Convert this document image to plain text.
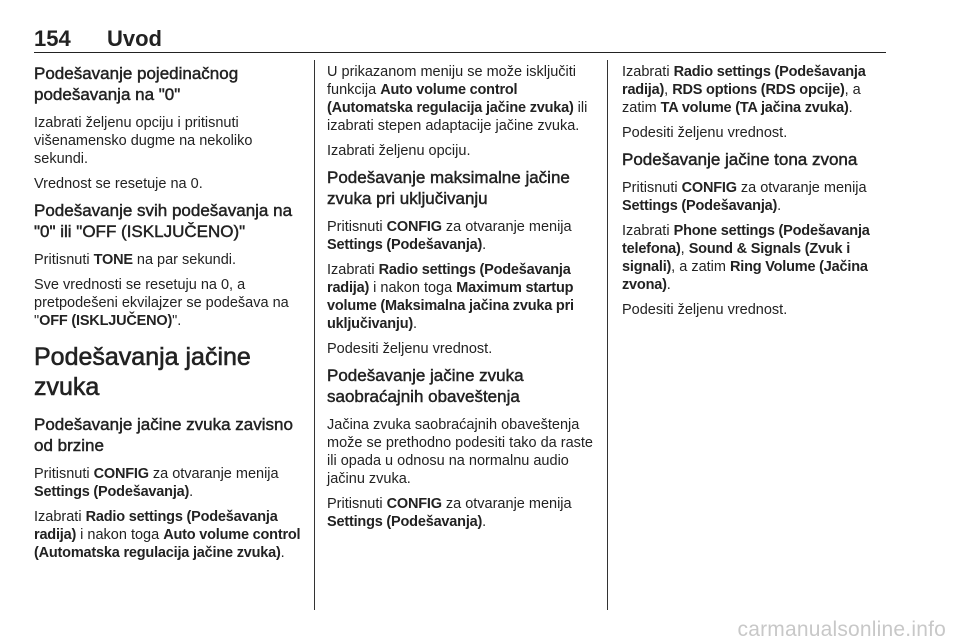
154 Uvod
Podešavanje pojedinačnog podešavanja na "0"

Izabrati željenu opciju i pritisnuti višenamensko dugme na nekoliko sekundi.

Vrednost se resetuje na 0.

Podešavanje svih podešavanja na "0" ili "OFF (ISKLJUČENO)"

Pritisnuti TONE na par sekundi.

Sve vrednosti se resetuju na 0, a pretpodešeni ekvilajzer se podešava na "OFF (ISKLJUČENO)".

Podešavanja jačine zvuka
Podešavanje jačine zvuka zavisno od brzine

Pritisnuti CONFIG za otvaranje menija Settings (Podešavanja).

Izabrati Radio settings (Podešavanja radija) i nakon toga Auto volume control (Automatska regulacija jačine zvuka).

U prikazanom meniju se može isključiti funkcija Auto volume control (Automatska regulacija jačine zvuka) ili izabrati stepen adaptacije jačine zvuka.

Izabrati željenu opciju.

Podešavanje maksimalne jačine zvuka pri uključivanju

Pritisnuti CONFIG za otvaranje menija Settings (Podešavanja).

Izabrati Radio settings (Podešavanja radija) i nakon toga Maximum startup volume (Maksimalna jačina zvuka pri uključivanju).

Podesiti željenu vrednost.

Podešavanje jačine zvuka saobraćajnih obaveštenja

Jačina zvuka saobraćajnih obaveštenja može se prethodno podesiti tako da raste ili opada u odnosu na normalnu audio jačinu zvuka.

Pritisnuti CONFIG za otvaranje menija Settings (Podešavanja).

Izabrati Radio settings (Podešavanja radija), RDS options (RDS opcije), a zatim TA volume (TA jačina zvuka).

Podesiti željenu vrednost.

Podešavanje jačine tona zvona

Pritisnuti CONFIG za otvaranje menija Settings (Podešavanja).

Izabrati Phone settings (Podešavanja telefona), Sound & Signals (Zvuk i signali), a zatim Ring Volume (Jačina zvona).

Podesiti željenu vrednost.

carmanualsonline.info
